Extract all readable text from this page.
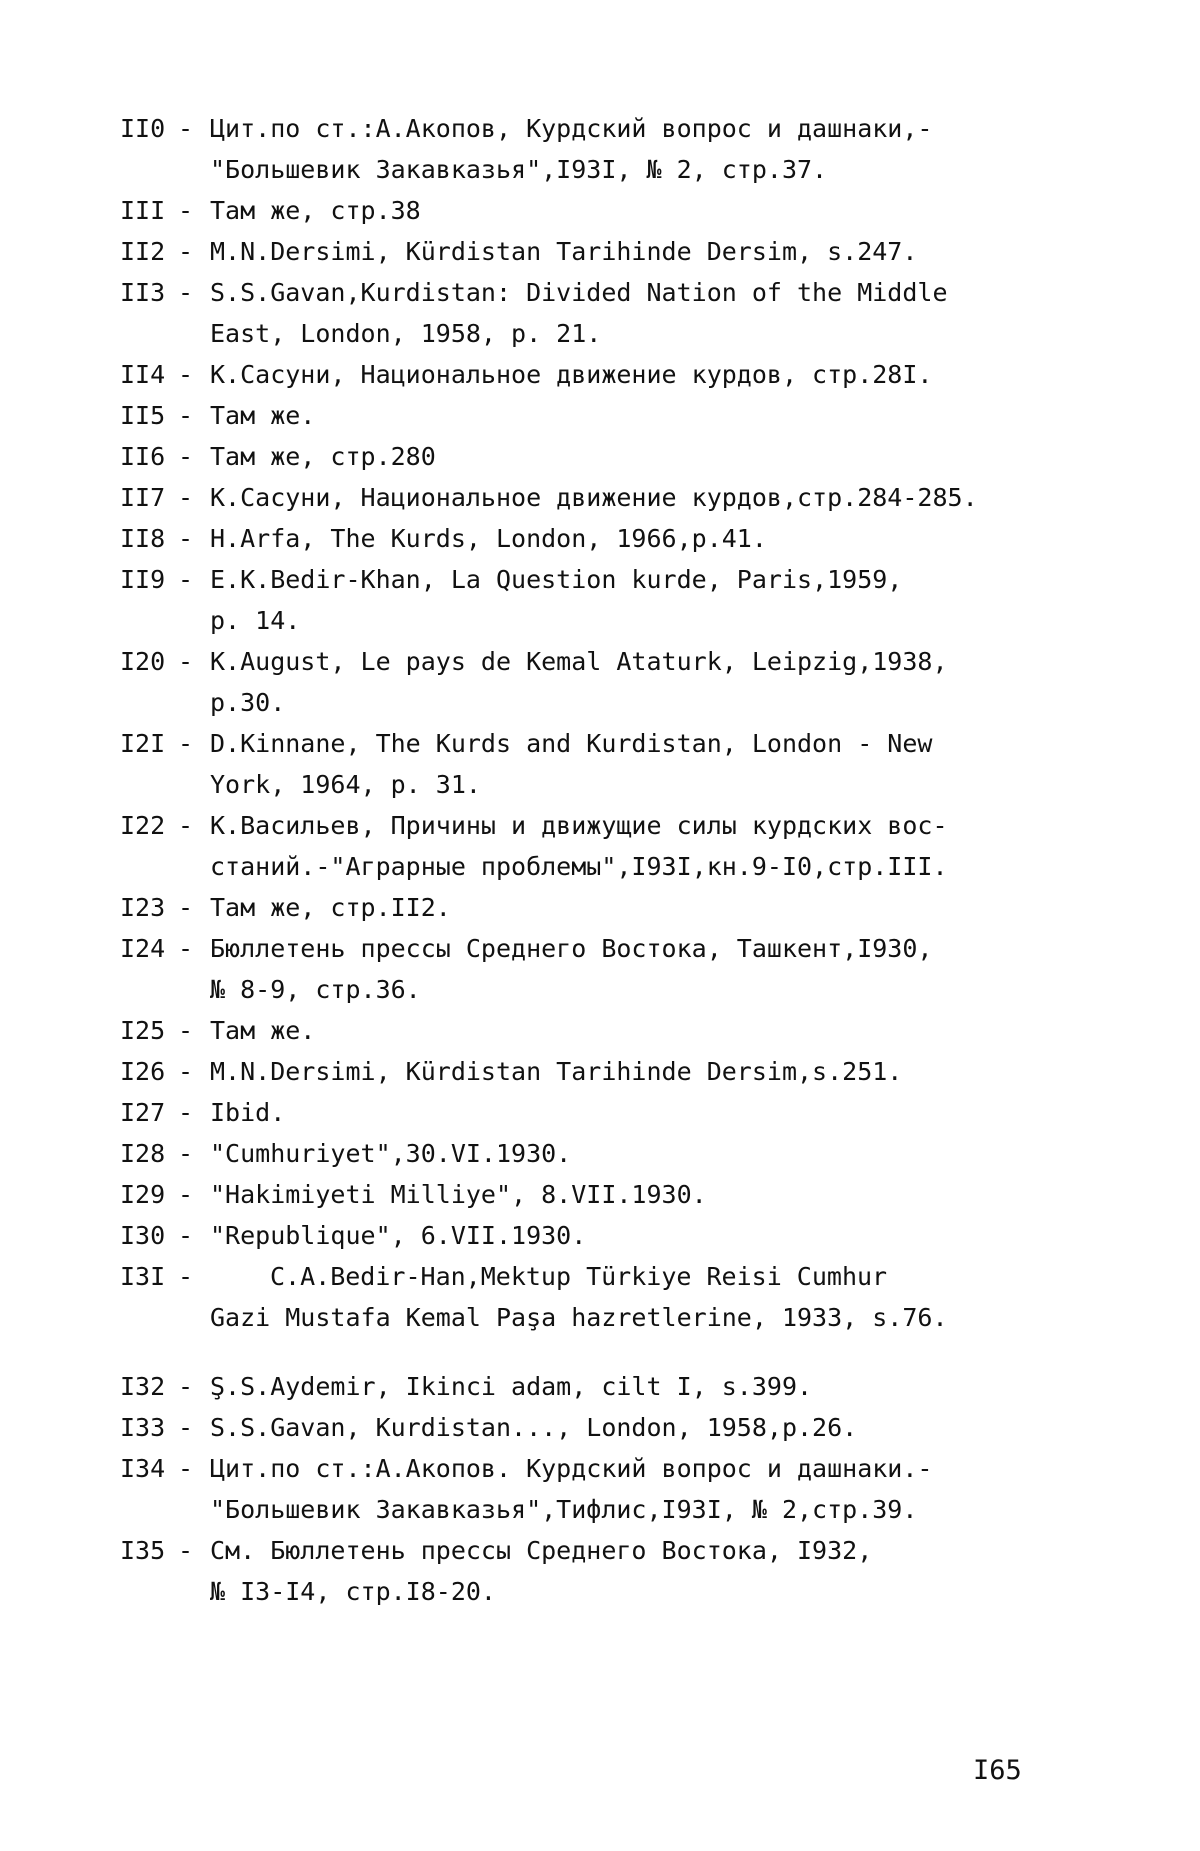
II0 - Цит.по ст.:А.Акопов, Курдский вопрос и дашнаки,-
"Большевик Закавказья",I93I, № 2, стр.37.
III - Там же, стр.38
II2 - M.N.Dersimi, Kürdistan Tarihinde Dersim, s.247.
II3 - S.S.Gavan,Kurdistan: Divided Nation of the Middle
East, London, 1958, p. 21.
II4 - К.Сасуни, Национальное движение курдов, стр.28I.
II5 - Там же.
II6 - Там же, стр.280
II7 - К.Сасуни, Национальное движение курдов,стр.284-285.
II8 - H.Arfa, The Kurds, London, 1966,p.41.
II9 - E.K.Bedir-Khan, La Question kurde, Paris,1959,
p. 14.
I20 - K.August, Le pays de Kemal Ataturk, Leipzig,1938,
p.30.
I2I - D.Kinnane, The Kurds and Kurdistan, London - New
York, 1964, p. 31.
I22 - К.Васильев, Причины и движущие силы курдских вос-
станий.-"Аграрные проблемы",I93I,кн.9-I0,стр.III.
I23 - Там же, стр.II2.
I24 - Бюллетень прессы Среднего Востока, Ташкент,I930,
№ 8-9, стр.36.
I25 - Там же.
I26 - M.N.Dersimi, Kürdistan Tarihinde Dersim,s.251.
I27 - Ibid.
I28 - "Cumhuriyet",30.VI.1930.
I29 - "Hakimiyeti Milliye", 8.VII.1930.
I30 - "Republique", 6.VII.1930.
I3I -	C.A.Bedir-Han,Mektup Türkiye Reisi Cumhur
Gazi Mustafa Kemal Paşa hazretlerine, 1933, s.76.
I32 - Ş.S.Aydemir, Ikinci adam, cilt I, s.399.
I33 - S.S.Gavan, Kurdistan..., London, 1958,p.26.
I34 - Цит.по ст.:А.Акопов. Курдский вопрос и дашнаки.-
"Большевик Закавказья",Тифлис,I93I, № 2,стр.39.
I35 - См. Бюллетень прессы Среднего Востока, I932,
№ I3-I4, стр.I8-20.
I65
